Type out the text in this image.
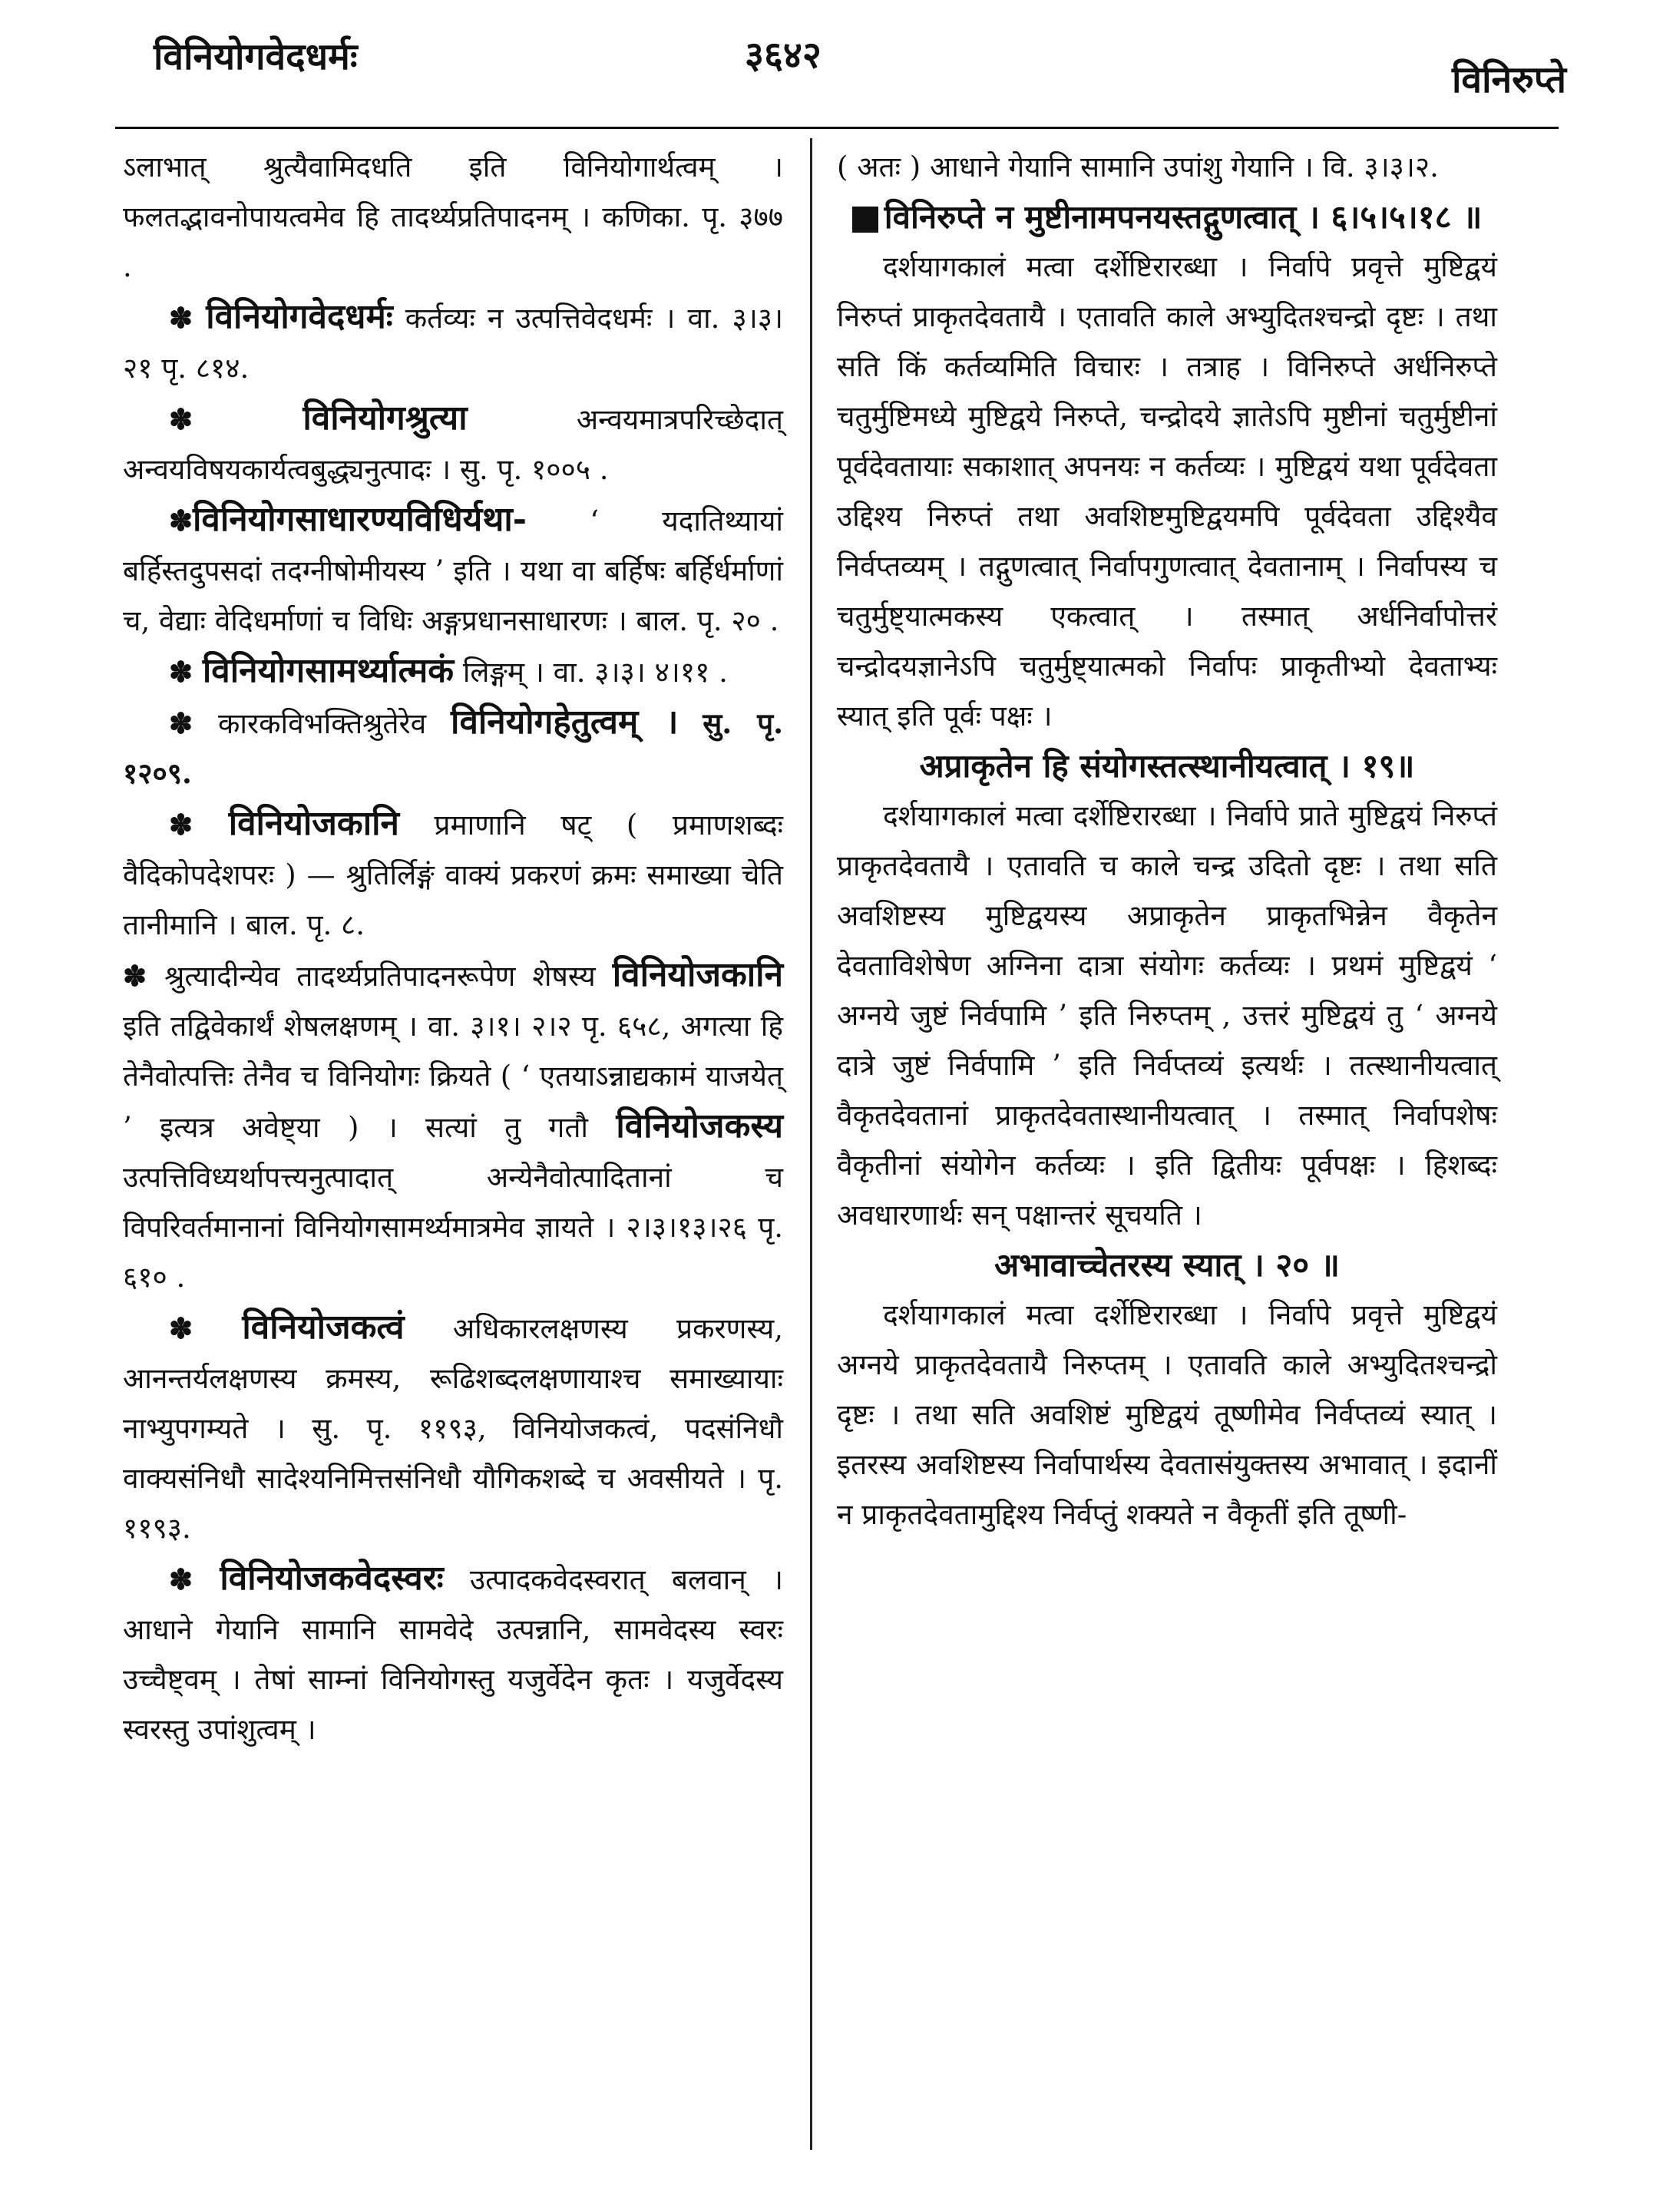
विनियोगवेदधर्मः	३६४२
विनिरुप्ते

ऽलाभात् श्रुत्यैवामिदधति इति विनियोगार्थत्वम् । फलतद्भावनोपायत्वमेव हि तादर्थ्यप्रतिपादनम् । कणिका. पृ. ३७७ .

✽ विनियोगवेदधर्मः कर्तव्यः न उत्पत्तिवेदधर्मः । वा. ३।३।२१ पृ. ८१४.

✽ विनियोगश्रुत्या	अन्वयमात्रपरिच्छेदात् अन्वयविषयकार्यत्वबुद्ध्यनुत्पादः । सु. पृ. १००५ .

✽विनियोगसाधारण्यविधिर्यथा- ‘ यदातिथ्यायां बर्हिस्तदुपसदां तदग्नीषोमीयस्य ’ इति । यथा वा बर्हिषः बर्हिर्धर्माणां च, वेद्याः वेदिधर्माणां च विधिः अङ्गप्रधानसाधारणः । बाल. पृ. २० .

✽ विनियोगसामर्थ्यात्मकं लिङ्गम् । वा. ३।३। ४।११ .

✽ कारकविभक्तिश्रुतेरेव विनियोगहेतुत्वम् । सु. पृ. १२०९.

✽ विनियोजकानि प्रमाणानि षट् ( प्रमाणशब्दः वैदिकोपदेशपरः ) — श्रुतिर्लिङ्गं वाक्यं प्रकरणं क्रमः समाख्या चेति तानीमानि । बाल. पृ. ८.

✽ श्रुत्यादीन्येव तादर्थ्यप्रतिपादनरूपेण शेषस्य विनियोजकानि इति तद्विवेकार्थं शेषलक्षणम् । वा. ३।१। २।२ पृ. ६५८, अगत्या हि तेनैवोत्पत्तिः तेनैव च विनियोगः क्रियते ( ‘ एतयाऽन्नाद्यकामं याजयेत् ’ इत्यत्र अवेष्ट्या ) । सत्यां तु गतौ विनियोजकस्य उत्पत्तिविध्यर्थापत्त्यनुत्पादात् अन्येनैवोत्पादितानां च विपरिवर्तमानानां विनियोगसामर्थ्यमात्रमेव ज्ञायते । २।३।१३।२६ पृ. ६१० .

✽ विनियोजकत्वं अधिकारलक्षणस्य प्रकरणस्य, आनन्तर्यलक्षणस्य क्रमस्य, रूढिशब्दलक्षणायाश्च समाख्यायाः नाभ्युपगम्यते । सु. पृ. ११९३, विनियोजकत्वं, पदसंनिधौ वाक्यसंनिधौ सादेश्यनिमित्तसंनिधौ यौगिकशब्दे च अवसीयते । पृ. ११९३.

✽ विनियोजकवेदस्वरः उत्पादकवेदस्वरात् बलवान् । आधाने गेयानि सामानि सामवेदे उत्पन्नानि, सामवेदस्य स्वरः उच्चैष्ट्वम् । तेषां साम्नां विनियोगस्तु यजुर्वेदेन कृतः । यजुर्वेदस्य स्वरस्तु उपांशुत्वम् ।

( अतः ) आधाने गेयानि सामानि उपांशु गेयानि । वि. ३।३।२.

विनिरुप्ते न मुष्टीनामपनयस्तद्गुणत्वात् । ६।५।५।१८ ॥

दर्शयागकालं मत्वा दर्शेष्टिरारब्धा । निर्वापे प्रवृत्ते मुष्टिद्वयं निरुप्तं प्राकृतदेवतायै । एतावति काले अभ्युदितश्चन्द्रो दृष्टः । तथा सति किं कर्तव्यमिति विचारः । तत्राह । विनिरुप्ते अर्धनिरुप्ते चतुर्मुष्टिमध्ये मुष्टिद्वये निरुप्ते, चन्द्रोदये ज्ञातेऽपि मुष्टीनां चतुर्मुष्टीनां पूर्वदेवतायाः सकाशात् अपनयः न कर्तव्यः । मुष्टिद्वयं यथा पूर्वदेवता उद्दिश्य निरुप्तं तथा अवशिष्टमुष्टिद्वयमपि पूर्वदेवता उद्दिश्यैव निर्वप्तव्यम् । तद्गुणत्वात् निर्वापगुणत्वात् देवतानाम् । निर्वापस्य च चतुर्मुष्ट्यात्मकस्य एकत्वात् । तस्मात् अर्धनिर्वापोत्तरं चन्द्रोदयज्ञानेऽपि चतुर्मुष्ट्यात्मको निर्वापः प्राकृतीभ्यो देवताभ्यः स्यात् इति पूर्वः पक्षः ।

अप्राकृतेन हि संयोगस्तत्स्थानीयत्वात् । १९॥

दर्शयागकालं मत्वा दर्शेष्टिरारब्धा । निर्वापे प्राते मुष्टिद्वयं निरुप्तं प्राकृतदेवतायै । एतावति च काले चन्द्र उदितो दृष्टः । तथा सति अवशिष्टस्य मुष्टिद्वयस्य अप्राकृतेन प्राकृतभिन्नेन वैकृतेन देवताविशेषेण अग्निना दात्रा संयोगः कर्तव्यः । प्रथमं मुष्टिद्वयं ‘ अग्नये जुष्टं निर्वपामि ’ इति निरुप्तम् , उत्तरं मुष्टिद्वयं तु ‘ अग्नये दात्रे जुष्टं निर्वपामि ’ इति निर्वप्तव्यं इत्यर्थः । तत्स्थानीयत्वात् वैकृतदेवतानां प्राकृतदेवतास्थानीयत्वात् । तस्मात् निर्वापशेषः वैकृतीनां संयोगेन कर्तव्यः । इति द्वितीयः पूर्वपक्षः । हिशब्दः अवधारणार्थः सन् पक्षान्तरं सूचयति ।

अभावाच्चेतरस्य स्यात् । २० ॥

दर्शयागकालं मत्वा दर्शेष्टिरारब्धा । निर्वापे प्रवृत्ते मुष्टिद्वयं अग्नये प्राकृतदेवतायै निरुप्तम् । एतावति काले अभ्युदितश्चन्द्रो दृष्टः । तथा सति अवशिष्टं मुष्टिद्वयं तूष्णीमेव निर्वप्तव्यं स्यात् । इतरस्य अवशिष्टस्य निर्वापार्थस्य देवतासंयुक्तस्य अभावात् । इदानीं न प्राकृतदेवतामुद्दिश्य निर्वप्तुं शक्यते न वैकृतीं इति तूष्णी-
